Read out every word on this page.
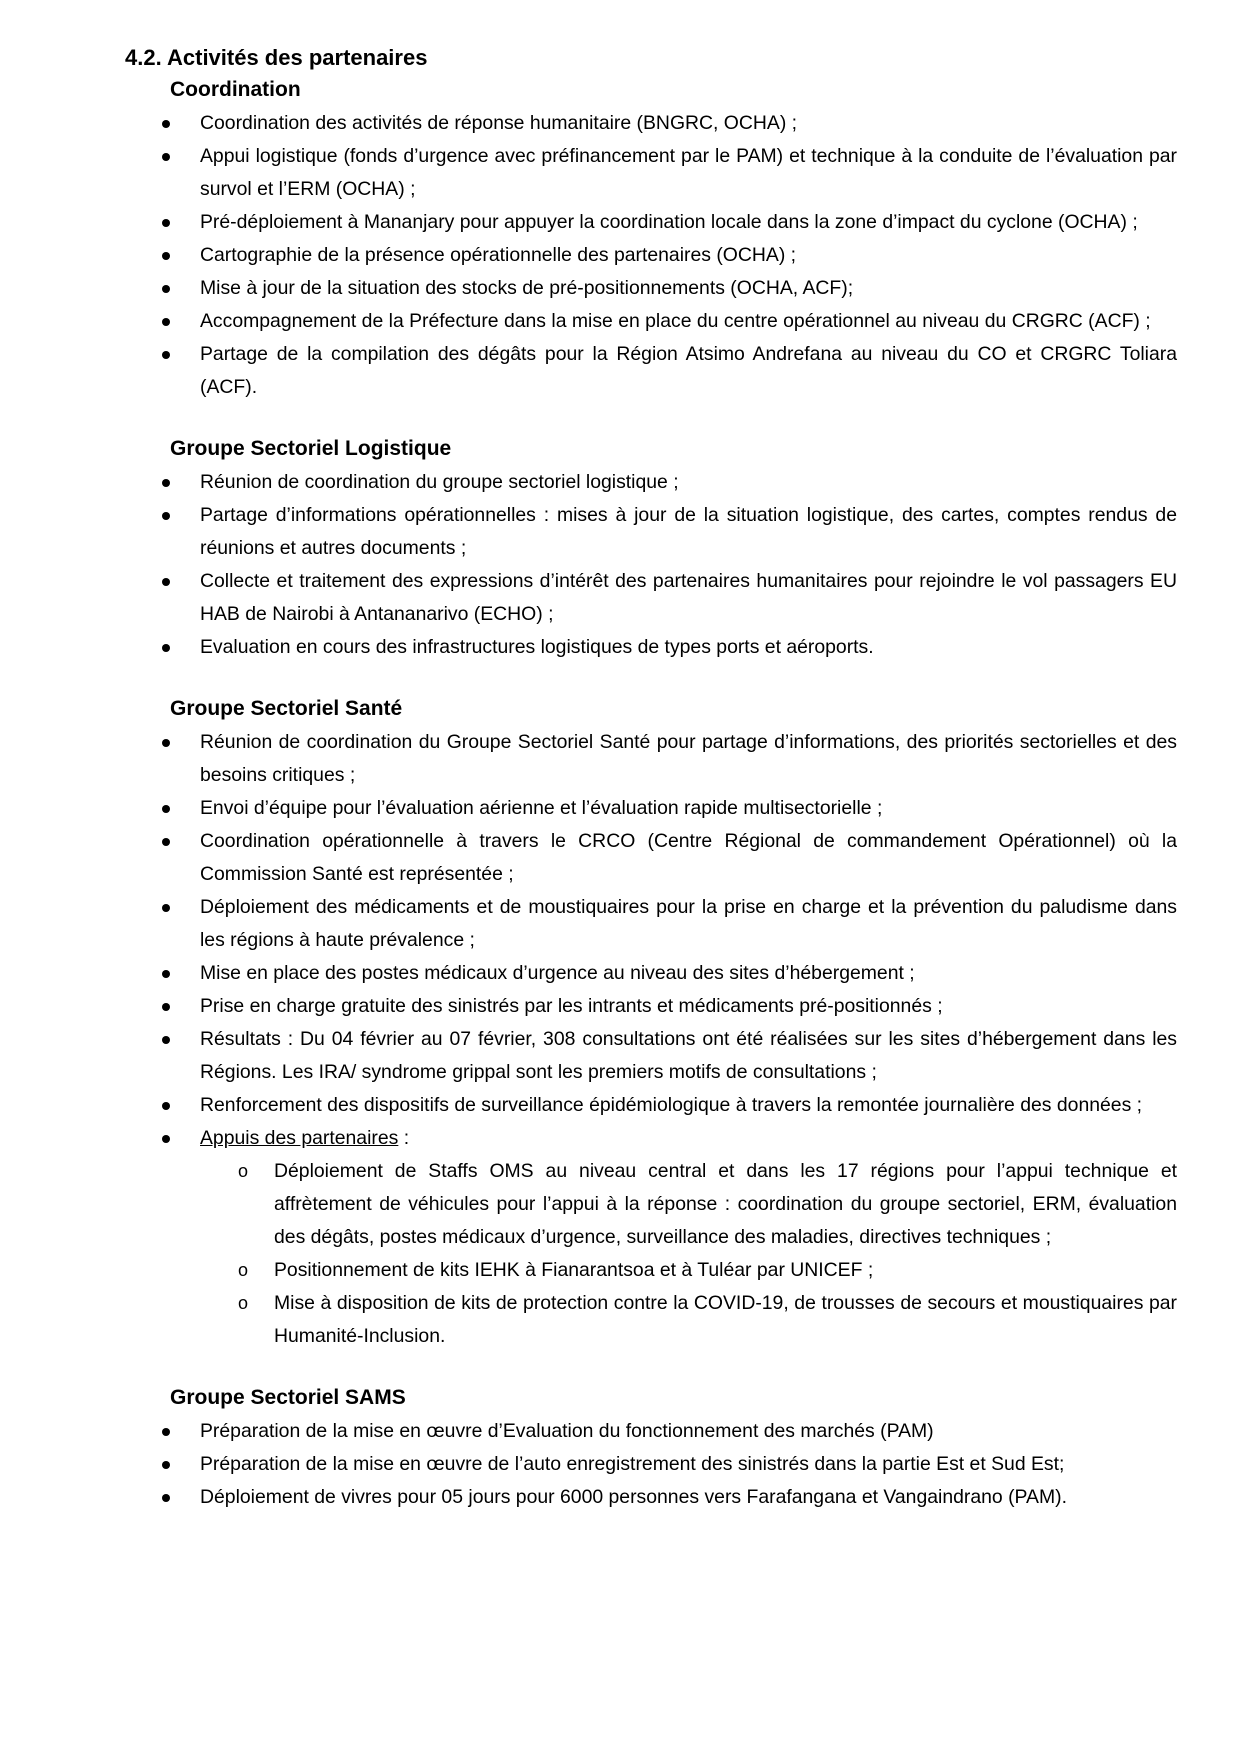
4.2. Activités des partenaires
Coordination
Coordination des activités de réponse humanitaire (BNGRC, OCHA) ;
Appui logistique (fonds d’urgence avec préfinancement par le PAM) et technique à la conduite de l’évaluation par survol et l’ERM (OCHA) ;
Pré-déploiement à Mananjary pour appuyer la coordination locale dans la zone d’impact du cyclone (OCHA) ;
Cartographie de la présence opérationnelle des partenaires (OCHA) ;
Mise à jour de la situation des stocks de pré-positionnements (OCHA, ACF);
Accompagnement de la Préfecture dans la mise en place du centre opérationnel au niveau du CRGRC (ACF) ;
Partage de la compilation des dégâts pour la Région Atsimo Andrefana au niveau du CO et CRGRC Toliara (ACF).
Groupe Sectoriel Logistique
Réunion de coordination du groupe sectoriel logistique ;
Partage d’informations opérationnelles : mises à jour de la situation logistique, des cartes, comptes rendus de réunions et autres documents ;
Collecte et traitement des expressions d’intérêt des partenaires humanitaires pour rejoindre le vol passagers EU HAB de Nairobi à Antananarivo (ECHO) ;
Evaluation en cours des infrastructures logistiques de types ports et aéroports.
Groupe Sectoriel Santé
Réunion de coordination du Groupe Sectoriel Santé pour partage d’informations, des priorités sectorielles et des besoins critiques ;
Envoi d’équipe pour l’évaluation aérienne et l’évaluation rapide multisectorielle ;
Coordination opérationnelle à travers le CRCO (Centre Régional de commandement Opérationnel) où la Commission Santé est représentée ;
Déploiement des médicaments et de moustiquaires pour la prise en charge et la prévention du paludisme dans les régions à haute prévalence ;
Mise en place des postes médicaux d’urgence au niveau des sites d’hébergement ;
Prise en charge gratuite des sinistrés par les intrants et médicaments pré-positionnés ;
Résultats : Du 04 février au 07 février, 308 consultations ont été réalisées sur les sites d’hébergement dans les Régions. Les IRA/ syndrome grippal sont les premiers motifs de consultations ;
Renforcement des dispositifs de surveillance épidémiologique à travers la remontée journalière des données ;
Appuis des partenaires :
o Déploiement de Staffs OMS au niveau central et dans les 17 régions pour l’appui technique et affrètement de véhicules pour l’appui à la réponse : coordination du groupe sectoriel, ERM, évaluation des dégâts, postes médicaux d’urgence, surveillance des maladies, directives techniques ;
o Positionnement de kits IEHK à Fianarantsoa et à Tuléar par UNICEF ;
o Mise à disposition de kits de protection contre la COVID-19, de trousses de secours et moustiquaires par Humanité-Inclusion.
Groupe Sectoriel SAMS
Préparation de la mise en œuvre d’Evaluation du fonctionnement des marchés (PAM)
Préparation de la mise en œuvre de l’auto enregistrement des sinistrés dans la partie Est et Sud Est;
Déploiement de vivres pour 05 jours pour 6000 personnes vers Farafangana et Vangaindrano (PAM).
